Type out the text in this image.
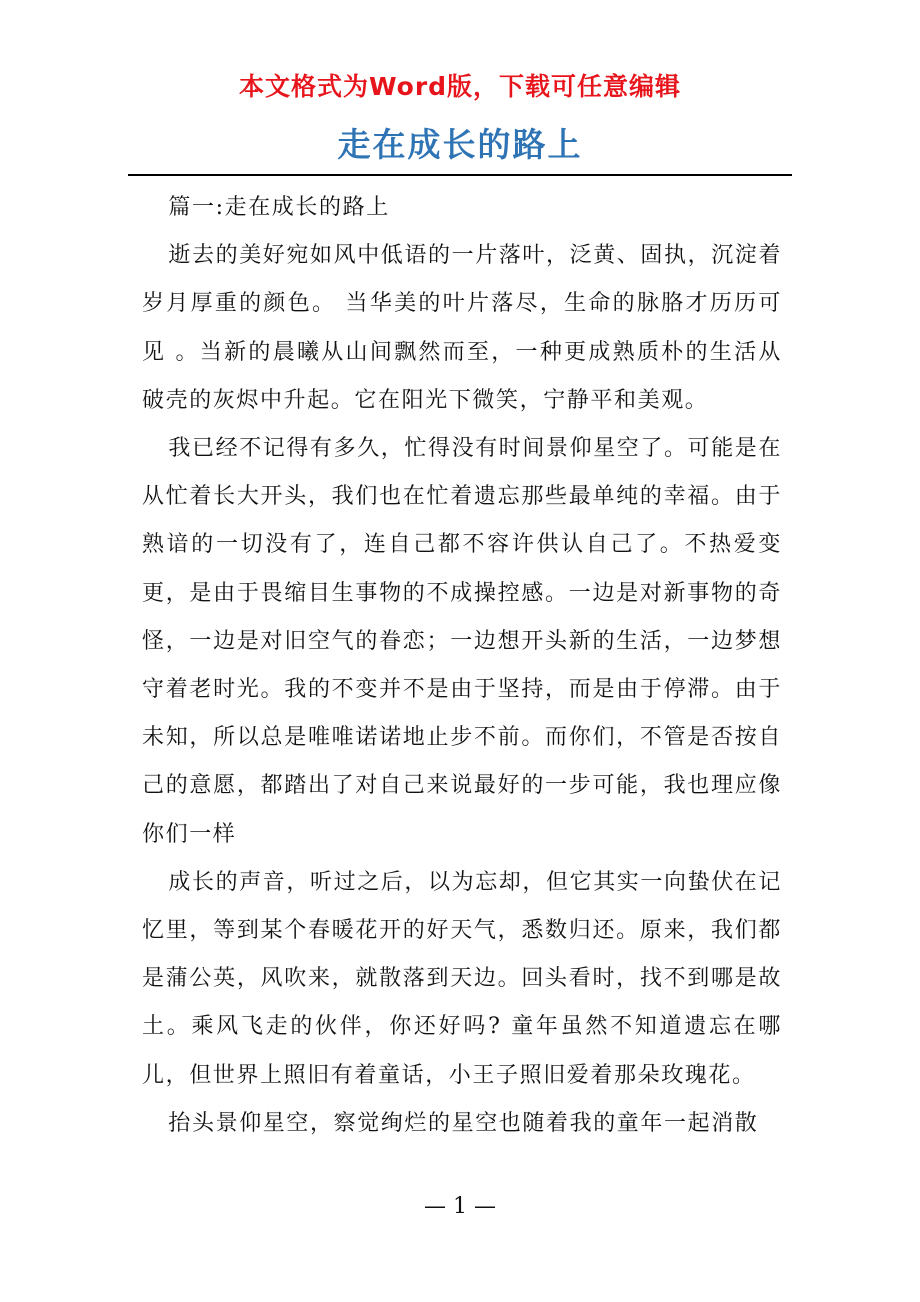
本文格式为Word版，下载可任意编辑
走在成长的路上

篇一:走在成长的路上

逝去的美好宛如风中低语的一片落叶，泛黄、固执，沉淀着岁月厚重的颜色。 当华美的叶片落尽，生命的脉胳才历历可见 。当新的晨曦从山间飘然而至，一种更成熟质朴的生活从破壳的灰烬中升起。它在阳光下微笑，宁静平和美观。

我已经不记得有多久，忙得没有时间景仰星空了。可能是在从忙着长大开头，我们也在忙着遗忘那些最单纯的幸福。由于熟谙的一切没有了，连自己都不容许供认自己了。不热爱变更，是由于畏缩目生事物的不成操控感。一边是对新事物的奇怪，一边是对旧空气的眷恋；一边想开头新的生活，一边梦想守着老时光。我的不变并不是由于坚持，而是由于停滞。由于未知，所以总是唯唯诺诺地止步不前。而你们，不管是否按自己的意愿，都踏出了对自己来说最好的一步可能，我也理应像你们一样

成长的声音，听过之后，以为忘却，但它其实一向蛰伏在记忆里，等到某个春暖花开的好天气，悉数归还。原来，我们都是蒲公英，风吹来，就散落到天边。回头看时，找不到哪是故土。乘风飞走的伙伴，你还好吗? 童年虽然不知道遗忘在哪儿，但世界上照旧有着童话，小王子照旧爱着那朵玫瑰花。

抬头景仰星空，察觉绚烂的星空也随着我的童年一起消散

— 1 —
